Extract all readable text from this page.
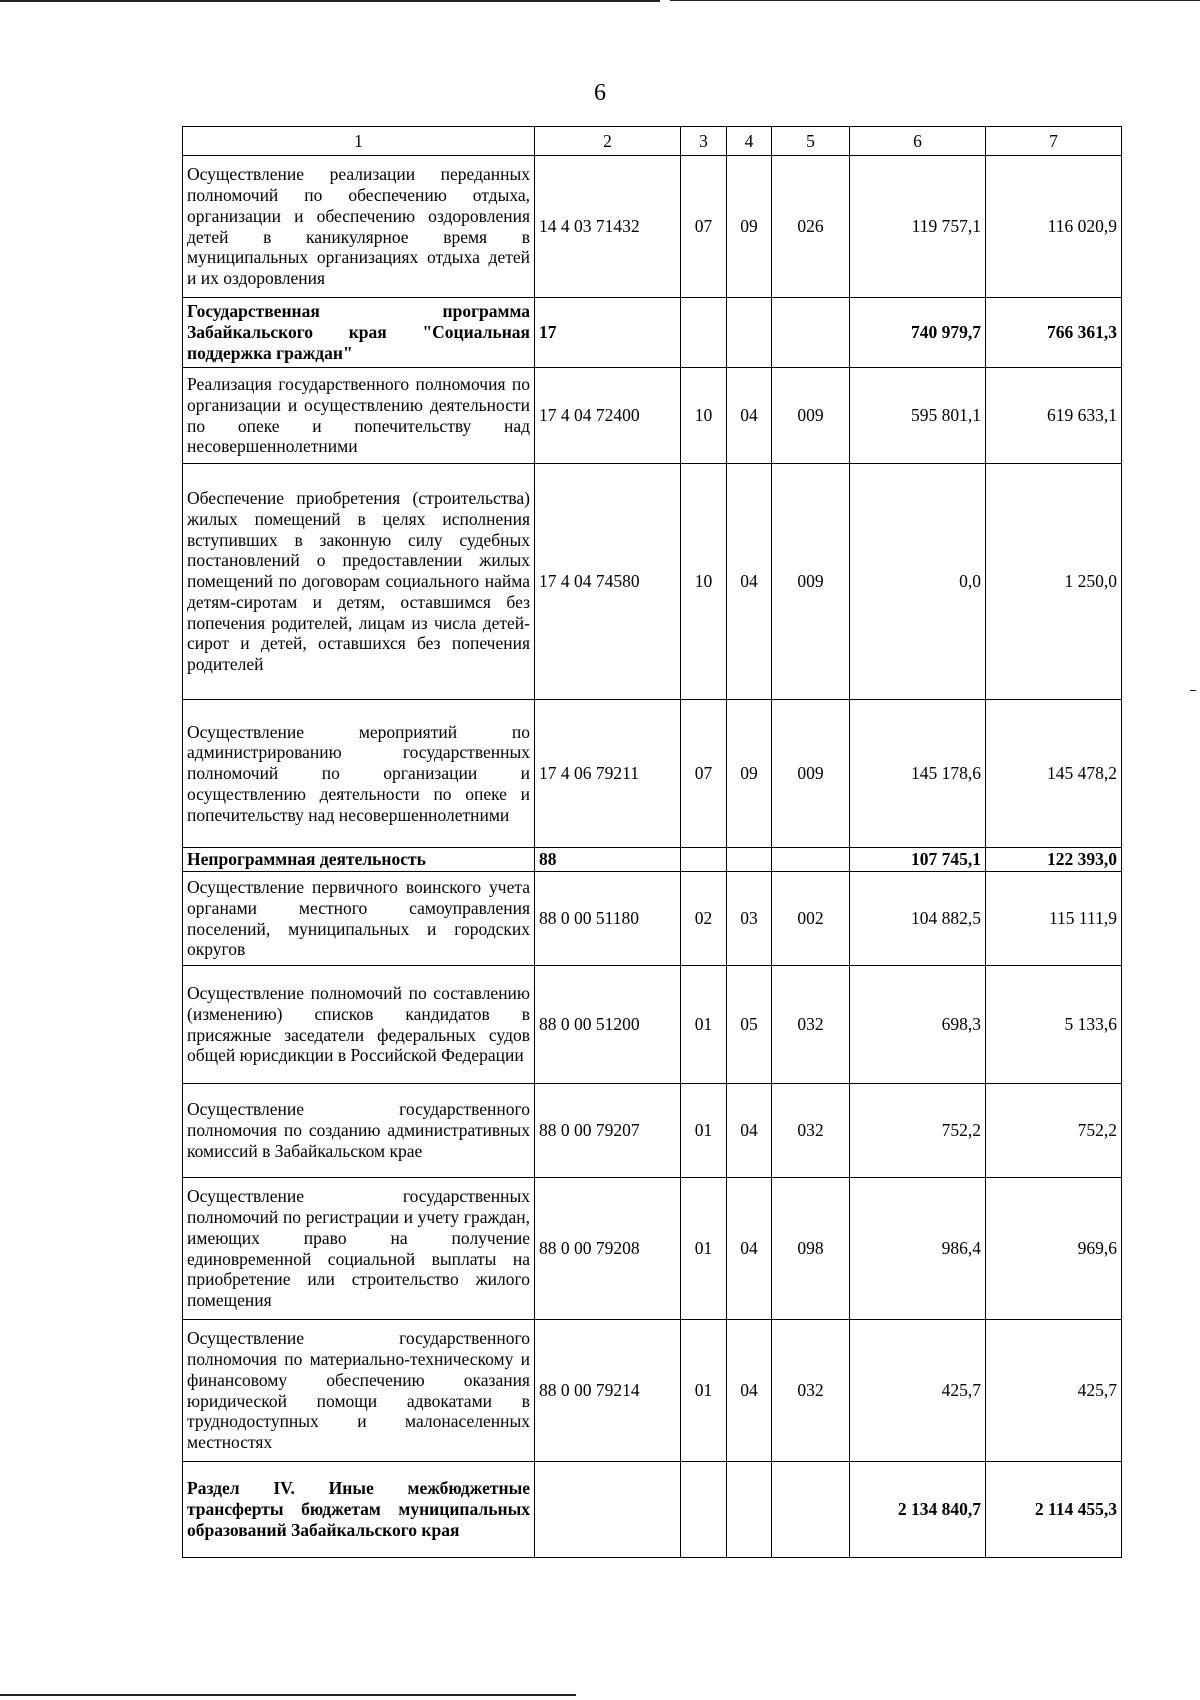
6
1	2	3	4	5	6	7
Осуществление реализации переданных полномочий по обеспечению отдыха, организации и обеспечению оздоровления детей в каникулярное время в муниципальных организациях отдыха детей и их оздоровления	14 4 03 71432	07	09	026	119 757,1	116 020,9
Государственная программа Забайкальского края "Социальная поддержка граждан"	17				740 979,7	766 361,3
Реализация государственного полномочия по организации и осуществлению деятельности по опеке и попечительству над несовершеннолетними	17 4 04 72400	10	04	009	595 801,1	619 633,1
Обеспечение приобретения (строительства) жилых помещений в целях исполнения вступивших в законную силу судебных постановлений о предоставлении жилых помещений по договорам социального найма детям-сиротам и детям, оставшимся без попечения родителей, лицам из числа детей-сирот и детей, оставшихся без попечения родителей	17 4 04 74580	10	04	009	0,0	1 250,0
Осуществление мероприятий по администрированию государственных полномочий по организации и осуществлению деятельности по опеке и попечительству над несовершеннолетними	17 4 06 79211	07	09	009	145 178,6	145 478,2
Непрограммная деятельность	88				107 745,1	122 393,0
Осуществление первичного воинского учета органами местного самоуправления поселений, муниципальных и городских округов	88 0 00 51180	02	03	002	104 882,5	115 111,9
Осуществление полномочий по составлению (изменению) списков кандидатов в присяжные заседатели федеральных судов общей юрисдикции в Российской Федерации	88 0 00 51200	01	05	032	698,3	5 133,6
Осуществление государственного полномочия по созданию административных комиссий в Забайкальском крае	88 0 00 79207	01	04	032	752,2	752,2
Осуществление государственных полномочий по регистрации и учету граждан, имеющих право на получение единовременной социальной выплаты на приобретение или строительство жилого помещения	88 0 00 79208	01	04	098	986,4	969,6
Осуществление государственного полномочия по материально-техническому и финансовому обеспечению оказания юридической помощи адвокатами в труднодоступных и малонаселенных местностях	88 0 00 79214	01	04	032	425,7	425,7
Раздел IV. Иные межбюджетные трансферты бюджетам муниципальных образований Забайкальского края					2 134 840,7	2 114 455,3
